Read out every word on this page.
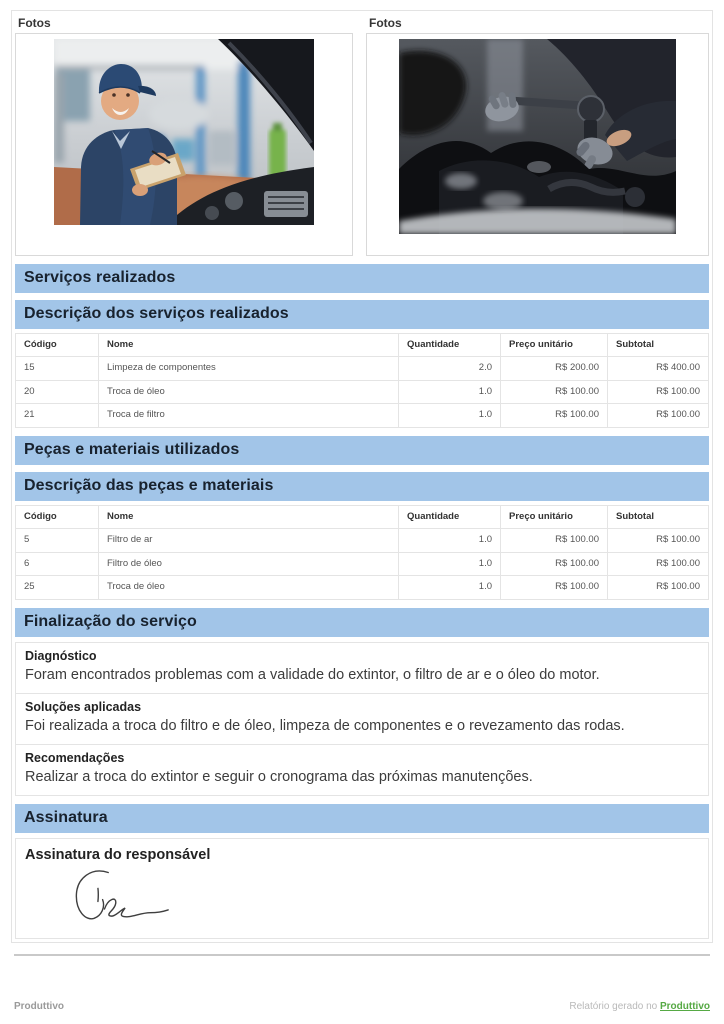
Fotos	Fotos
Serviços realizados
Descrição dos serviços realizados
Código	Nome	Quantidade	Preço unitário	Subtotal
15	Limpeza de componentes	2.0	R$ 200.00	R$ 400.00
20	Troca de óleo	1.0	R$ 100.00	R$ 100.00
21	Troca de filtro	1.0	R$ 100.00	R$ 100.00
Peças e materiais utilizados
Descrição das peças e materiais
Código	Nome	Quantidade	Preço unitário	Subtotal
5	Filtro de ar	1.0	R$ 100.00	R$ 100.00
6	Filtro de óleo	1.0	R$ 100.00	R$ 100.00
25	Troca de óleo	1.0	R$ 100.00	R$ 100.00
Finalização do serviço
Diagnóstico
Foram encontrados problemas com a validade do extintor, o filtro de ar e o óleo do motor.
Soluções aplicadas
Foi realizada a troca do filtro e de óleo, limpeza de componentes e o revezamento das rodas.
Recomendações
Realizar a troca do extintor e seguir o cronograma das próximas manutenções.
Assinatura
Assinatura do responsável
Produttivo	Relatório gerado no Produttivo
